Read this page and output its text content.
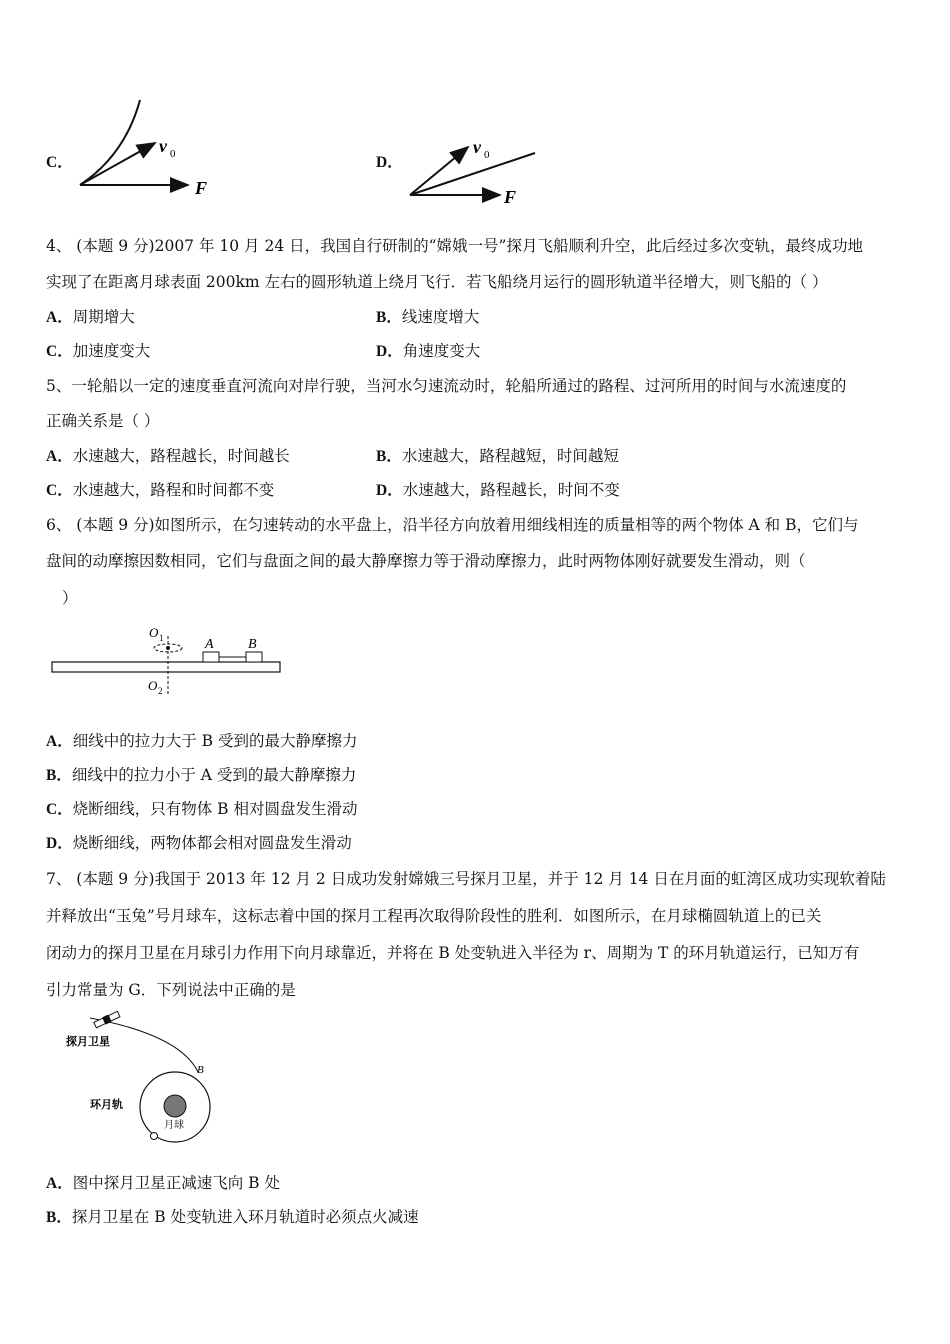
C．
v 0
F
D．
v 0
F
4、 (本题 9 分)2007 年 10 月 24 日，我国自行研制的“嫦娥一号”探月飞船顺利升空，此后经过多次变轨，最终成功地
实现了在距离月球表面 200km 左右的圆形轨道上绕月飞行．若飞船绕月运行的圆形轨道半径增大，则飞船的（ ）
A．周期增大	B．线速度增大
C．加速度变大	D．角速度变大
5、一轮船以一定的速度垂直河流向对岸行驶，当河水匀速流动时，轮船所通过的路程、过河所用的时间与水流速度的
正确关系是（ ）
A．水速越大，路程越长，时间越长	B．水速越大，路程越短，时间越短
C．水速越大，路程和时间都不变	D．水速越大，路程越长，时间不变
6、 (本题 9 分)如图所示，在匀速转动的水平盘上，沿半径方向放着用细线相连的质量相等的两个物体 A 和 B，它们与
盘间的动摩擦因数相同，它们与盘面之间的最大静摩擦力等于滑动摩擦力，此时两物体刚好就要发生滑动，则（
）
O 1
O 2
A B
A．细线中的拉力大于 B 受到的最大静摩擦力
B．细线中的拉力小于 A 受到的最大静摩擦力
C．烧断细线，只有物体 B 相对圆盘发生滑动
D．烧断细线，两物体都会相对圆盘发生滑动
7、 (本题 9 分)我国于 2013 年 12 月 2 日成功发射嫦娥三号探月卫星，并于 12 月 14 日在月面的虹湾区成功实现软着陆
并释放出“玉兔”号月球车，这标志着中国的探月工程再次取得阶段性的胜利．如图所示，在月球椭圆轨道上的已关
闭动力的探月卫星在月球引力作用下向月球靠近，并将在 B 处变轨进入半径为 r、周期为 T 的环月轨道运行，已知万有
引力常量为 G．下列说法中正确的是
探月卫星
环月轨
月球
B
A．图中探月卫星正减速飞向 B 处
B．探月卫星在 B 处变轨进入环月轨道时必须点火减速
